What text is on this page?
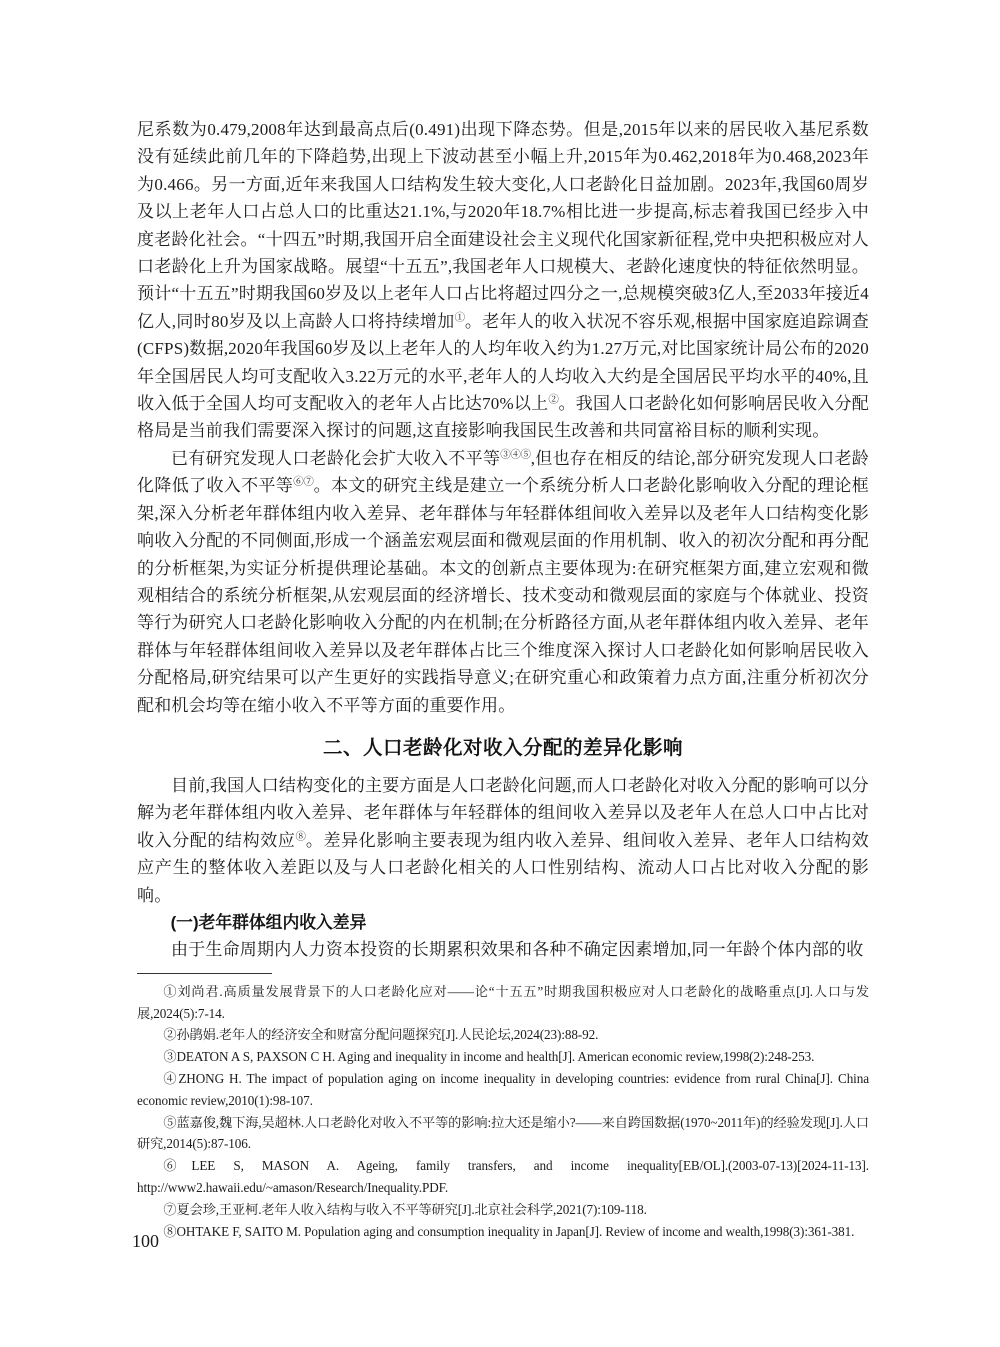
尼系数为0.479,2008年达到最高点后(0.491)出现下降态势。但是,2015年以来的居民收入基尼系数没有延续此前几年的下降趋势,出现上下波动甚至小幅上升,2015年为0.462,2018年为0.468,2023年为0.466。另一方面,近年来我国人口结构发生较大变化,人口老龄化日益加剧。2023年,我国60周岁及以上老年人口占总人口的比重达21.1%,与2020年18.7%相比进一步提高,标志着我国已经步入中度老龄化社会。“十四五”时期,我国开启全面建设社会主义现代化国家新征程,党中央把积极应对人口老龄化上升为国家战略。展望“十五五”,我国老年人口规模大、老龄化速度快的特征依然明显。预计“十五五”时期我国60岁及以上老年人口占比将超过四分之一,总规模突破3亿人,至2033年接近4亿人,同时80岁及以上高龄人口将持续增加①。老年人的收入状况不容乐观,根据中国家庭追踪调查(CFPS)数据,2020年我国60岁及以上老年人的人均年收入约为1.27万元,对比国家统计局公布的2020年全国居民人均可支配收入3.22万元的水平,老年人的人均收入大约是全国居民平均水平的40%,且收入低于全国人均可支配收入的老年人占比达70%以上②。我国人口老龄化如何影响居民收入分配格局是当前我们需要深入探讨的问题,这直接影响我国民生改善和共同富裕目标的顺利实现。

已有研究发现人口老龄化会扩大收入不平等③④⑤,但也存在相反的结论,部分研究发现人口老龄化降低了收入不平等⑥⑦。本文的研究主线是建立一个系统分析人口老龄化影响收入分配的理论框架,深入分析老年群体组内收入差异、老年群体与年轻群体组间收入差异以及老年人口结构变化影响收入分配的不同侧面,形成一个涵盖宏观层面和微观层面的作用机制、收入的初次分配和再分配的分析框架,为实证分析提供理论基础。本文的创新点主要体现为:在研究框架方面,建立宏观和微观相结合的系统分析框架,从宏观层面的经济增长、技术变动和微观层面的家庭与个体就业、投资等行为研究人口老龄化影响收入分配的内在机制;在分析路径方面,从老年群体组内收入差异、老年群体与年轻群体组间收入差异以及老年群体占比三个维度深入探讨人口老龄化如何影响居民收入分配格局,研究结果可以产生更好的实践指导意义;在研究重心和政策着力点方面,注重分析初次分配和机会均等在缩小收入不平等方面的重要作用。

二、人口老龄化对收入分配的差异化影响

目前,我国人口结构变化的主要方面是人口老龄化问题,而人口老龄化对收入分配的影响可以分解为老年群体组内收入差异、老年群体与年轻群体的组间收入差异以及老年人在总人口中占比对收入分配的结构效应⑧。差异化影响主要表现为组内收入差异、组间收入差异、老年人口结构效应产生的整体收入差距以及与人口老龄化相关的人口性别结构、流动人口占比对收入分配的影响。

(一)老年群体组内收入差异

由于生命周期内人力资本投资的长期累积效果和各种不确定因素增加,同一年龄个体内部的收

①刘尚君.高质量发展背景下的人口老龄化应对——论“十五五”时期我国积极应对人口老龄化的战略重点[J].人口与发展,2024(5):7-14.

②孙鹃娟.老年人的经济安全和财富分配问题探究[J].人民论坛,2024(23):88-92.

③DEATON A S, PAXSON C H. Aging and inequality in income and health[J]. American economic review,1998(2):248-253.

④ZHONG H. The impact of population aging on income inequality in developing countries: evidence from rural China[J]. China economic review,2010(1):98-107.

⑤蓝嘉俊,魏下海,吴超林.人口老龄化对收入不平等的影响:拉大还是缩小?——来自跨国数据(1970~2011年)的经验发现[J].人口研究,2014(5):87-106.

⑥LEE S, MASON A. Ageing, family transfers, and income inequality[EB/OL].(2003-07-13)[2024-11-13]. http://www2.hawaii.edu/~amason/Research/Inequality.PDF.

⑦夏会珍,王亚柯.老年人收入结构与收入不平等研究[J].北京社会科学,2021(7):109-118.

⑧OHTAKE F, SAITO M. Population aging and consumption inequality in Japan[J]. Review of income and wealth,1998(3):361-381.

100
